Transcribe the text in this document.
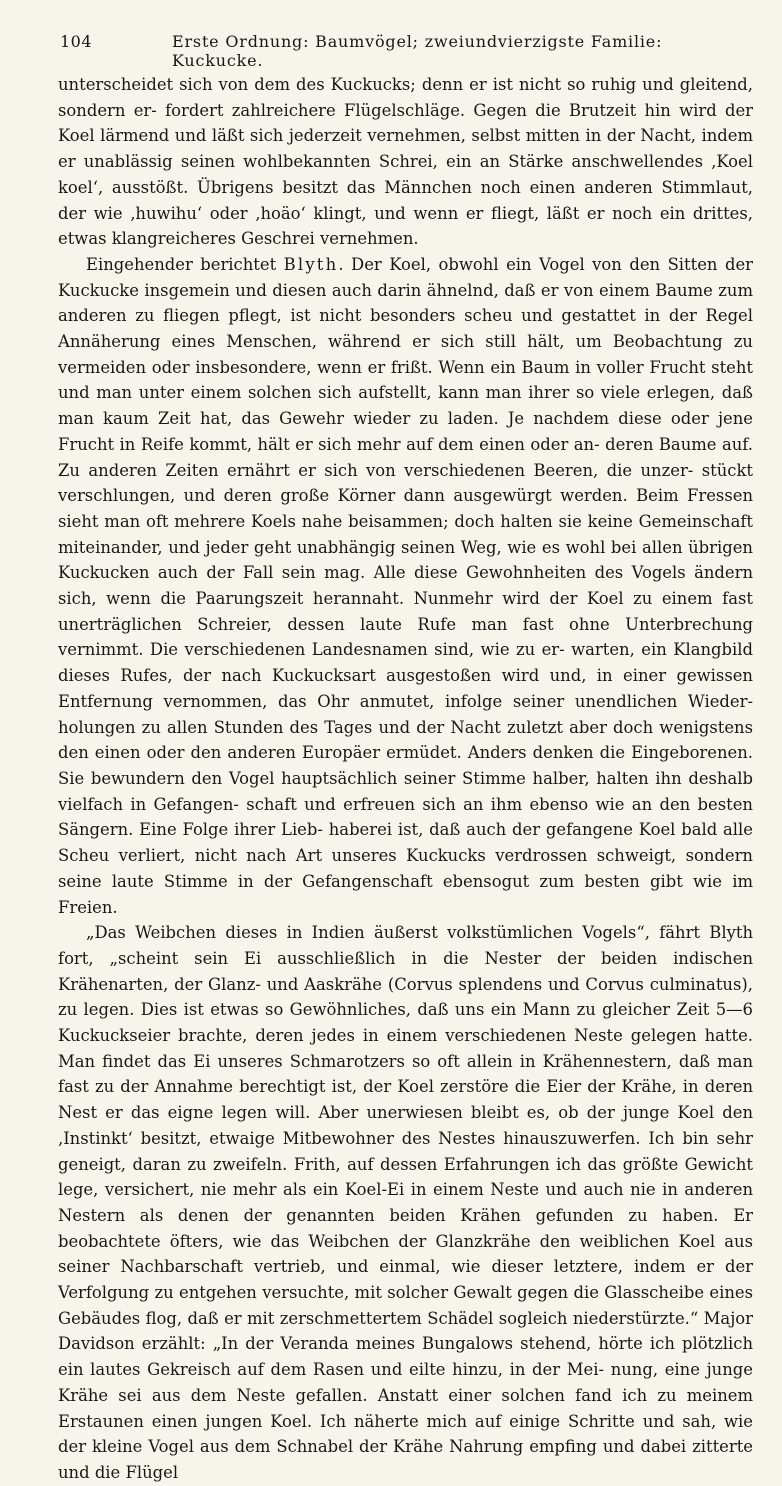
104	Erste Ordnung: Baumvögel; zweiundvierzigste Familie: Kuckucke.

unterscheidet sich von dem des Kuckucks; denn er ist nicht so ruhig und gleitend, sondern er- fordert zahlreichere Flügelschläge. Gegen die Brutzeit hin wird der Koel lärmend und läßt sich jederzeit vernehmen, selbst mitten in der Nacht, indem er unablässig seinen wohlbekannten Schrei, ein an Stärke anschwellendes ‚Koel koel‘, ausstößt. Übrigens besitzt das Männchen noch einen anderen Stimmlaut, der wie ‚huwihu‘ oder ‚hoäo‘ klingt, und wenn er fliegt, läßt er noch ein drittes, etwas klangreicheres Geschrei vernehmen.

Eingehender berichtet Blyth. Der Koel, obwohl ein Vogel von den Sitten der Kuckucke insgemein und diesen auch darin ähnelnd, daß er von einem Baume zum anderen zu fliegen pflegt, ist nicht besonders scheu und gestattet in der Regel Annäherung eines Menschen, während er sich still hält, um Beobachtung zu vermeiden oder insbesondere, wenn er frißt. Wenn ein Baum in voller Frucht steht und man unter einem solchen sich aufstellt, kann man ihrer so viele erlegen, daß man kaum Zeit hat, das Gewehr wieder zu laden. Je nachdem diese oder jene Frucht in Reife kommt, hält er sich mehr auf dem einen oder an- deren Baume auf. Zu anderen Zeiten ernährt er sich von verschiedenen Beeren, die unzer- stückt verschlungen, und deren große Körner dann ausgewürgt werden. Beim Fressen sieht man oft mehrere Koels nahe beisammen; doch halten sie keine Gemeinschaft miteinander, und jeder geht unabhängig seinen Weg, wie es wohl bei allen übrigen Kuckucken auch der Fall sein mag. Alle diese Gewohnheiten des Vogels ändern sich, wenn die Paarungszeit herannaht. Nunmehr wird der Koel zu einem fast unerträglichen Schreier, dessen laute Rufe man fast ohne Unterbrechung vernimmt. Die verschiedenen Landesnamen sind, wie zu er- warten, ein Klangbild dieses Rufes, der nach Kuckucksart ausgestoßen wird und, in einer gewissen Entfernung vernommen, das Ohr anmutet, infolge seiner unendlichen Wieder- holungen zu allen Stunden des Tages und der Nacht zuletzt aber doch wenigstens den einen oder den anderen Europäer ermüdet. Anders denken die Eingeborenen. Sie bewundern den Vogel hauptsächlich seiner Stimme halber, halten ihn deshalb vielfach in Gefangen- schaft und erfreuen sich an ihm ebenso wie an den besten Sängern. Eine Folge ihrer Lieb- haberei ist, daß auch der gefangene Koel bald alle Scheu verliert, nicht nach Art unseres Kuckucks verdrossen schweigt, sondern seine laute Stimme in der Gefangenschaft ebensogut zum besten gibt wie im Freien.

„Das Weibchen dieses in Indien äußerst volkstümlichen Vogels“, fährt Blyth fort, „scheint sein Ei ausschließlich in die Nester der beiden indischen Krähenarten, der Glanz- und Aaskrähe (Corvus splendens und Corvus culminatus), zu legen. Dies ist etwas so Gewöhnliches, daß uns ein Mann zu gleicher Zeit 5—6 Kuckuckseier brachte, deren jedes in einem verschiedenen Neste gelegen hatte. Man findet das Ei unseres Schmarotzers so oft allein in Krähennestern, daß man fast zu der Annahme berechtigt ist, der Koel zerstöre die Eier der Krähe, in deren Nest er das eigne legen will. Aber unerwiesen bleibt es, ob der junge Koel den ‚Instinkt‘ besitzt, etwaige Mitbewohner des Nestes hinauszuwerfen. Ich bin sehr geneigt, daran zu zweifeln. Frith, auf dessen Erfahrungen ich das größte Gewicht lege, versichert, nie mehr als ein Koel-Ei in einem Neste und auch nie in anderen Nestern als denen der genannten beiden Krähen gefunden zu haben. Er beobachtete öfters, wie das Weibchen der Glanzkrähe den weiblichen Koel aus seiner Nachbarschaft vertrieb, und einmal, wie dieser letztere, indem er der Verfolgung zu entgehen versuchte, mit solcher Gewalt gegen die Glasscheibe eines Gebäudes flog, daß er mit zerschmettertem Schädel sogleich niederstürzte.“ Major Davidson erzählt: „In der Veranda meines Bungalows stehend, hörte ich plötzlich ein lautes Gekreisch auf dem Rasen und eilte hinzu, in der Mei- nung, eine junge Krähe sei aus dem Neste gefallen. Anstatt einer solchen fand ich zu meinem Erstaunen einen jungen Koel. Ich näherte mich auf einige Schritte und sah, wie der kleine Vogel aus dem Schnabel der Krähe Nahrung empfing und dabei zitterte und die Flügel
